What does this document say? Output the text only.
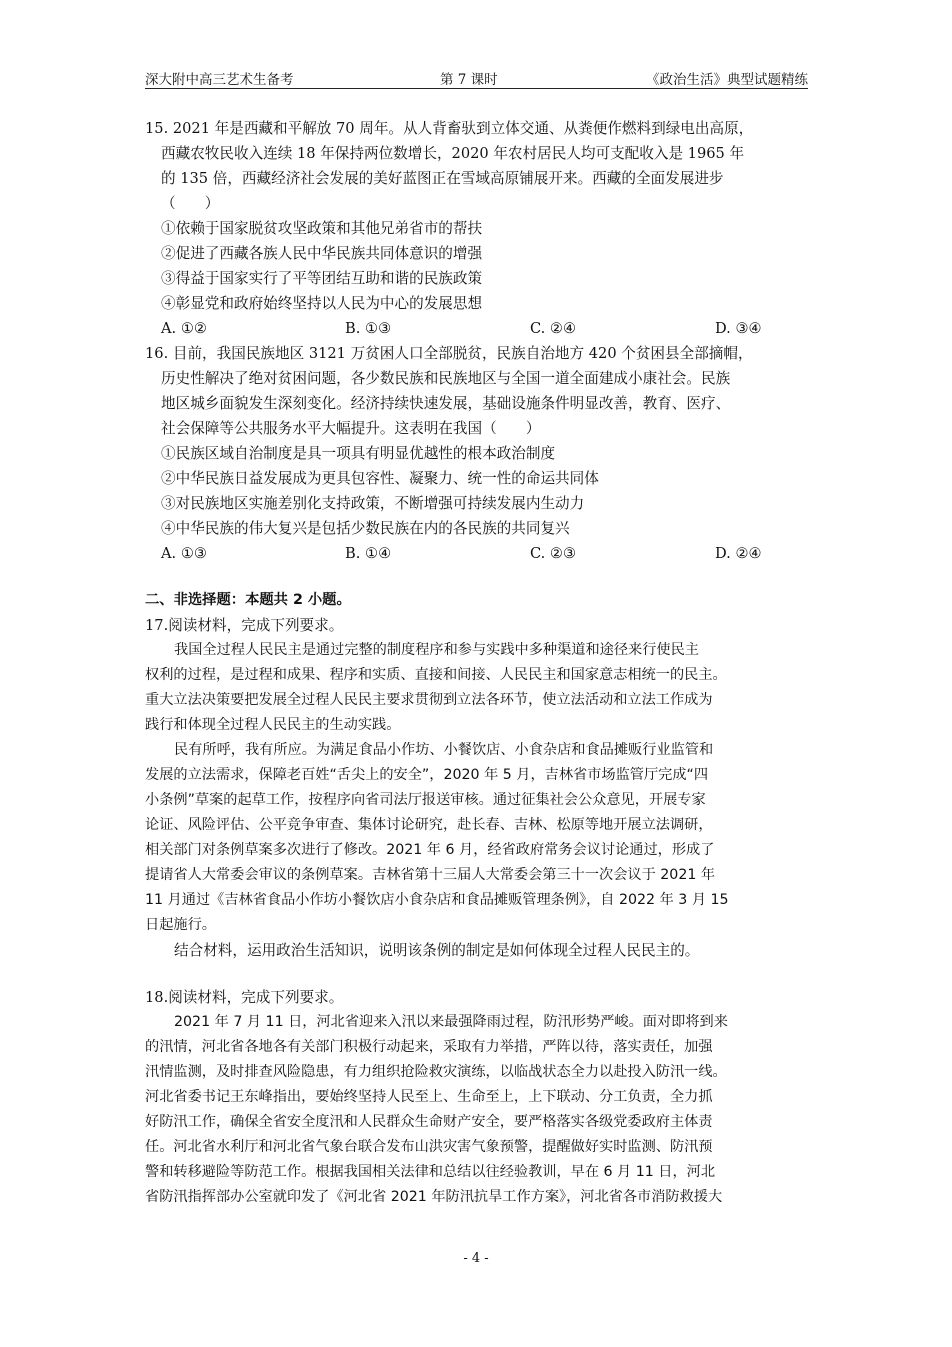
深大附中高三艺术生备考	第 7 课时	《政治生活》典型试题精练
15. 2021 年是西藏和平解放 70 周年。从人背畜驮到立体交通、从粪便作燃料到绿电出高原，
西藏农牧民收入连续 18 年保持两位数增长，2020 年农村居民人均可支配收入是 1965 年
的 135 倍，西藏经济社会发展的美好蓝图正在雪域高原铺展开来。西藏的全面发展进步
（　　）
①依赖于国家脱贫攻坚政策和其他兄弟省市的帮扶
②促进了西藏各族人民中华民族共同体意识的增强
③得益于国家实行了平等团结互助和谐的民族政策
④彰显党和政府始终坚持以人民为中心的发展思想
A. ①②	B. ①③	C. ②④	D. ③④
16. 目前，我国民族地区 3121 万贫困人口全部脱贫，民族自治地方 420 个贫困县全部摘帽，
历史性解决了绝对贫困问题，各少数民族和民族地区与全国一道全面建成小康社会。民族
地区城乡面貌发生深刻变化。经济持续快速发展，基础设施条件明显改善，教育、医疗、
社会保障等公共服务水平大幅提升。这表明在我国（　　）
①民族区域自治制度是具一项具有明显优越性的根本政治制度
②中华民族日益发展成为更具包容性、凝聚力、统一性的命运共同体
③对民族地区实施差别化支持政策，不断增强可持续发展内生动力
④中华民族的伟大复兴是包括少数民族在内的各民族的共同复兴
A. ①③	B. ①④	C. ②③	D. ②④
二、非选择题：本题共 2 小题。
17.阅读材料，完成下列要求。
我国全过程人民民主是通过完整的制度程序和参与实践中多种渠道和途径来行使民主
权利的过程，是过程和成果、程序和实质、直接和间接、人民民主和国家意志相统一的民主。
重大立法决策要把发展全过程人民民主要求贯彻到立法各环节，使立法活动和立法工作成为
践行和体现全过程人民民主的生动实践。
民有所呼，我有所应。为满足食品小作坊、小餐饮店、小食杂店和食品摊贩行业监管和
发展的立法需求，保障老百姓“舌尖上的安全”，2020 年 5 月，吉林省市场监管厅完成“四
小条例”草案的起草工作，按程序向省司法厅报送审核。通过征集社会公众意见，开展专家
论证、风险评估、公平竞争审查、集体讨论研究，赴长春、吉林、松原等地开展立法调研，
相关部门对条例草案多次进行了修改。2021 年 6 月，经省政府常务会议讨论通过，形成了
提请省人大常委会审议的条例草案。吉林省第十三届人大常委会第三十一次会议于 2021 年
11 月通过《吉林省食品小作坊小餐饮店小食杂店和食品摊贩管理条例》，自 2022 年 3 月 15
日起施行。
结合材料，运用政治生活知识，说明该条例的制定是如何体现全过程人民民主的。
18.阅读材料，完成下列要求。
2021 年 7 月 11 日，河北省迎来入汛以来最强降雨过程，防汛形势严峻。面对即将到来
的汛情，河北省各地各有关部门积极行动起来，采取有力举措，严阵以待，落实责任，加强
汛情监测，及时排查风险隐患，有力组织抢险救灾演练，以临战状态全力以赴投入防汛一线。
河北省委书记王东峰指出，要始终坚持人民至上、生命至上，上下联动、分工负责，全力抓
好防汛工作，确保全省安全度汛和人民群众生命财产安全，要严格落实各级党委政府主体责
任。河北省水利厅和河北省气象台联合发布山洪灾害气象预警，提醒做好实时监测、防汛预
警和转移避险等防范工作。根据我国相关法律和总结以往经验教训，早在 6 月 11 日，河北
省防汛指挥部办公室就印发了《河北省 2021 年防汛抗旱工作方案》，河北省各市消防救援大
- 4 -
